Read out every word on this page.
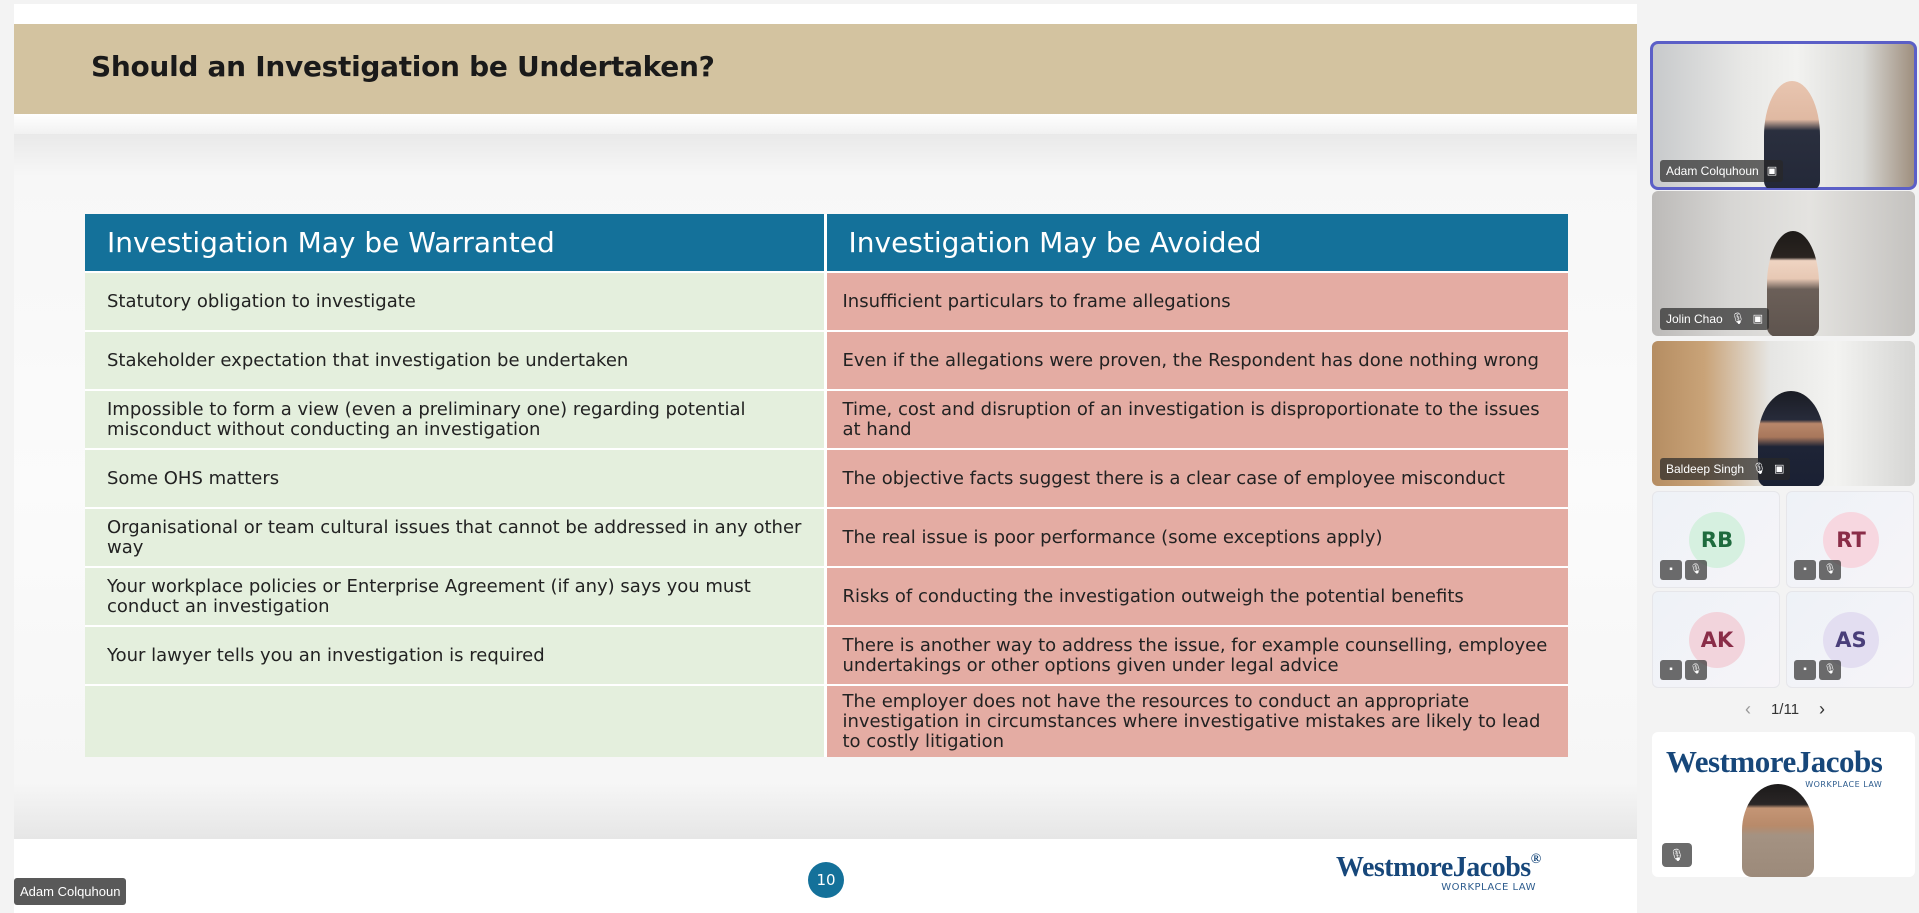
Should an Investigation be Undertaken?
Investigation May be Warranted	Investigation May be Avoided
Statutory obligation to investigate	Insufficient particulars to frame allegations
Stakeholder expectation that investigation be undertaken	Even if the allegations were proven, the Respondent has done nothing wrong
Impossible to form a view (even a preliminary one) regarding potential misconduct without conducting an investigation	Time, cost and disruption of an investigation is disproportionate to the issues at hand
Some OHS matters	The objective facts suggest there is a clear case of employee misconduct
Organisational or team cultural issues that cannot be addressed in any other way	The real issue is poor performance (some exceptions apply)
Your workplace policies or Enterprise Agreement (if any) says you must conduct an investigation	Risks of conducting the investigation outweigh the potential benefits
Your lawyer tells you an investigation is required	There is another way to address the issue, for example counselling, employee undertakings or other options given under legal advice
	The employer does not have the resources to conduct an appropriate investigation in circumstances where investigative mistakes are likely to lead to costly litigation
10	WestmoreJacobs®
WORKPLACE LAW
Adam Colquhoun
Adam Colquhoun ▣
Jolin Chao 🎙 ▣
Baldeep Singh 🎙 ▣
RB
▪	🎙
RT
▪	🎙
AK
▪	🎙
AS
▪	🎙
‹	1/11 ›
WestmoreJacobs
WORKPLACE LAW
🎙
